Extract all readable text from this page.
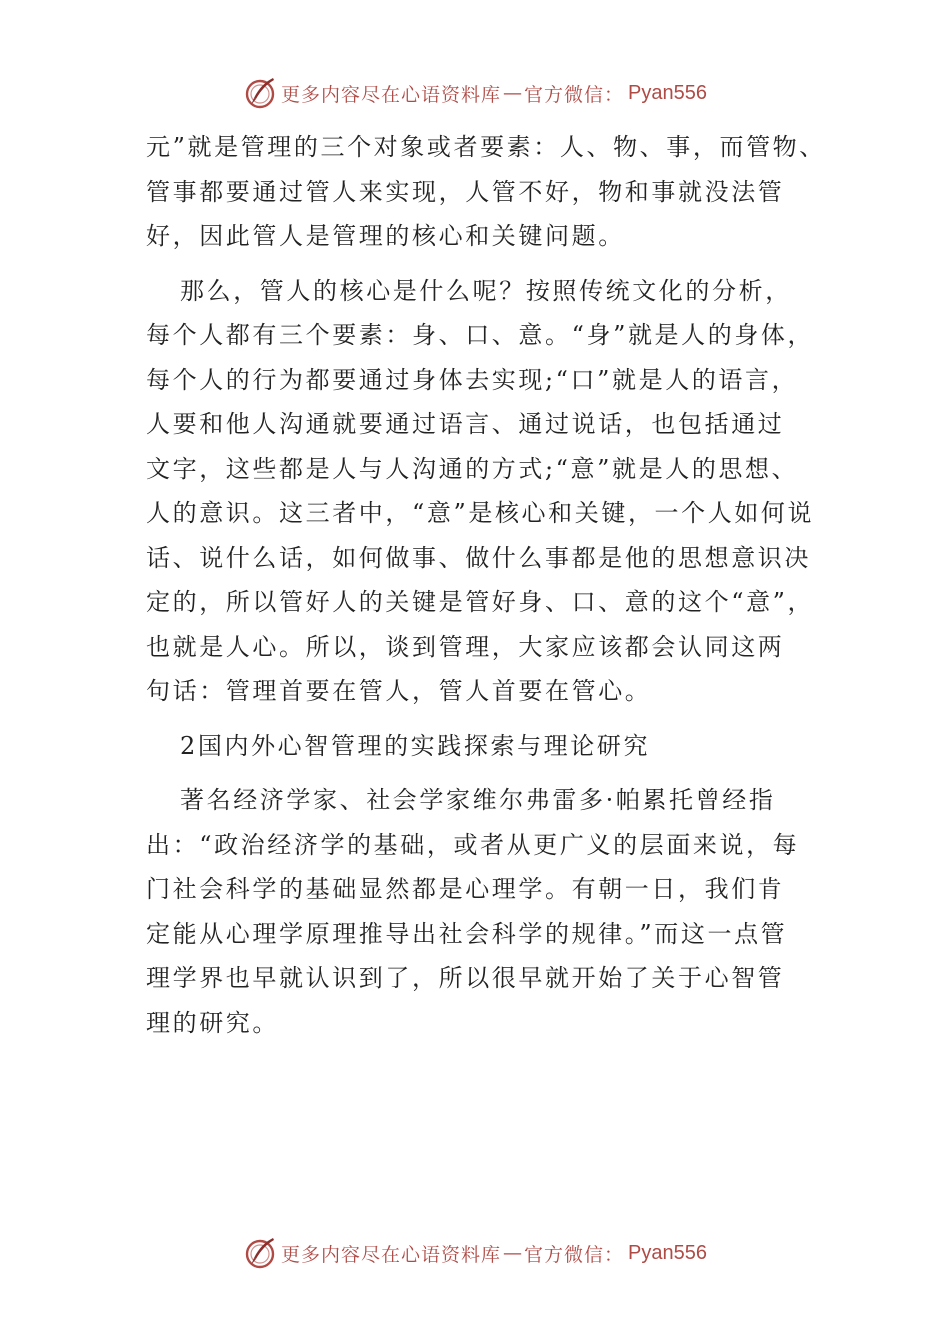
更多内容尽在心语资料库 — 官方微信： Pyan556
元”就是管理的三个对象或者要素：人、物、事，而管物、
管事都要通过管人来实现，人管不好，物和事就没法管
好，因此管人是管理的核心和关键问题。
那么，管人的核心是什么呢？按照传统文化的分析，
每个人都有三个要素：身、口、意。“身”就是人的身体，
每个人的行为都要通过身体去实现;“口”就是人的语言，
人要和他人沟通就要通过语言、通过说话，也包括通过
文字，这些都是人与人沟通的方式;“意”就是人的思想、
人的意识。这三者中，“意”是核心和关键，一个人如何说
话、说什么话，如何做事、做什么事都是他的思想意识决
定的，所以管好人的关键是管好身、口、意的这个“意”，
也就是人心。所以，谈到管理，大家应该都会认同这两
句话：管理首要在管人，管人首要在管心。
2国内外心智管理的实践探索与理论研究
著名经济学家、社会学家维尔弗雷多·帕累托曾经指
出：“政治经济学的基础，或者从更广义的层面来说，每
门社会科学的基础显然都是心理学。有朝一日，我们肯
定能从心理学原理推导出社会科学的规律。”而这一点管
理学界也早就认识到了，所以很早就开始了关于心智管
理的研究。
更多内容尽在心语资料库 — 官方微信： Pyan556
